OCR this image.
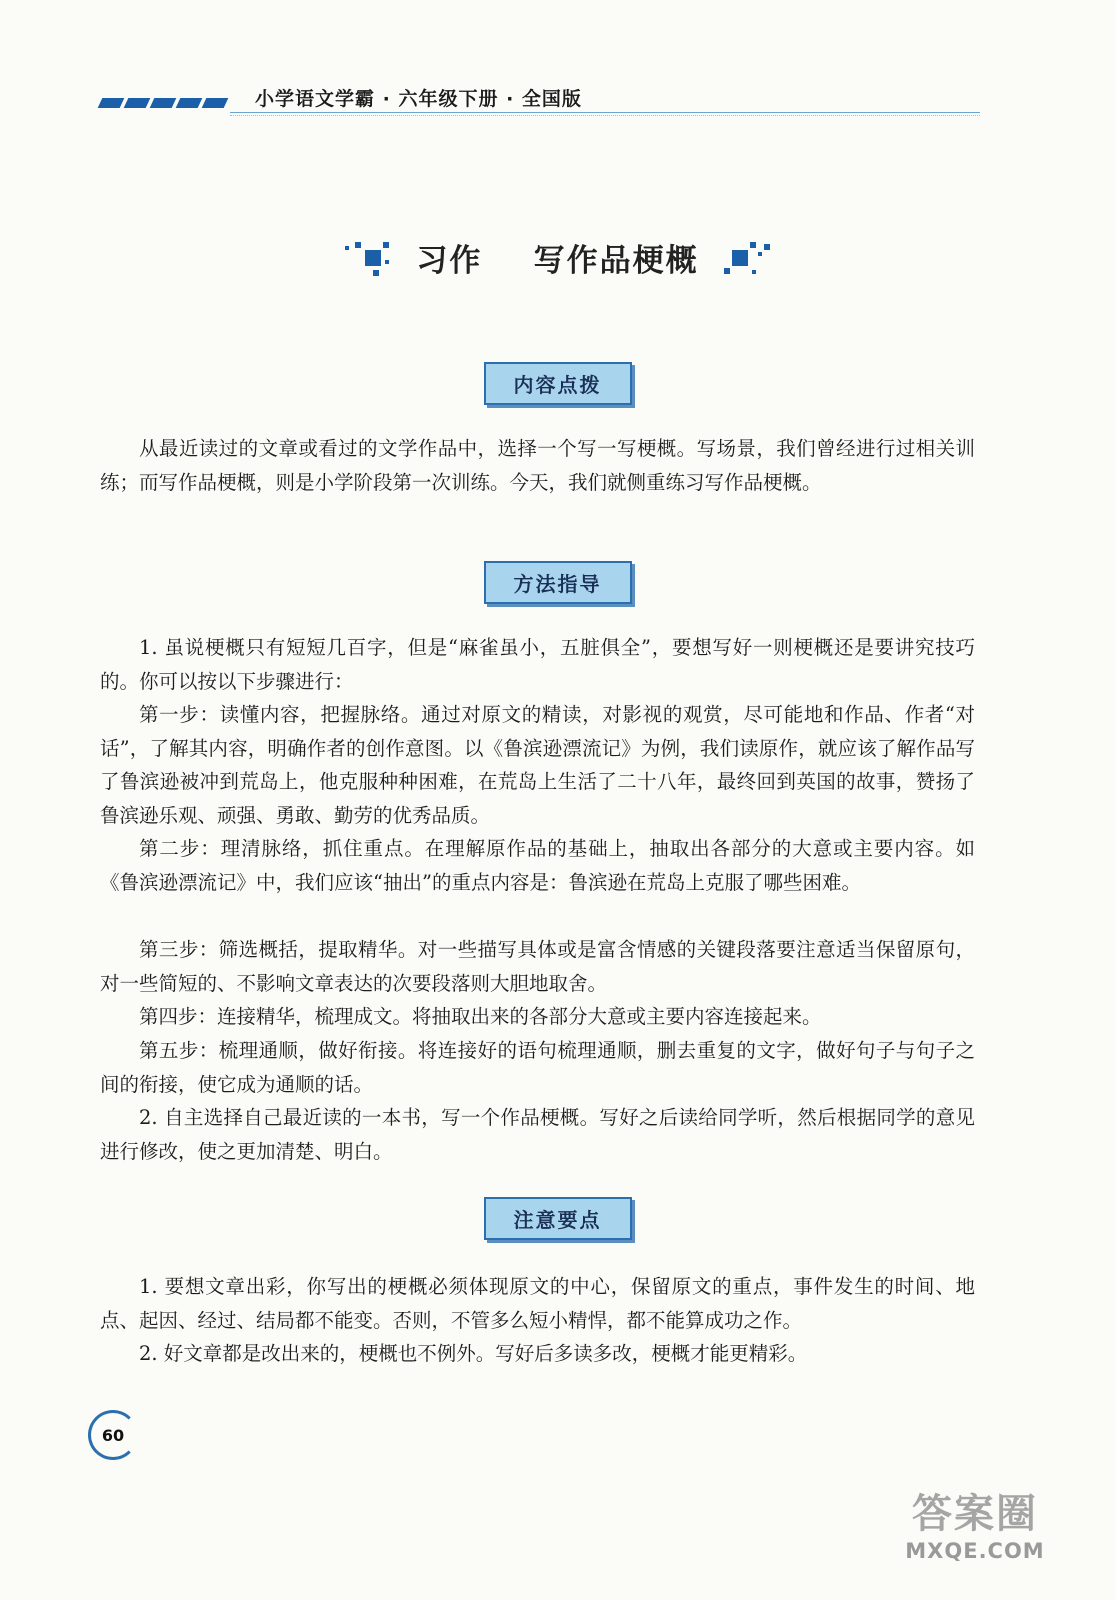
小学语文学霸 · 六年级下册 · 全国版
习作 写作品梗概
内容点拨

从最近读过的文章或看过的文学作品中，选择一个写一写梗概。写场景，我们曾经进行过相关训练；而写作品梗概，则是小学阶段第一次训练。今天，我们就侧重练习写作品梗概。

方法指导

1. 虽说梗概只有短短几百字，但是“麻雀虽小，五脏俱全”，要想写好一则梗概还是要讲究技巧的。你可以按以下步骤进行：

第一步：读懂内容，把握脉络。通过对原文的精读，对影视的观赏，尽可能地和作品、作者“对话”，了解其内容，明确作者的创作意图。以《鲁滨逊漂流记》为例，我们读原作，就应该了解作品写了鲁滨逊被冲到荒岛上，他克服种种困难，在荒岛上生活了二十八年，最终回到英国的故事，赞扬了鲁滨逊乐观、顽强、勇敢、勤劳的优秀品质。

第二步：理清脉络，抓住重点。在理解原作品的基础上，抽取出各部分的大意或主要内容。如《鲁滨逊漂流记》中，我们应该“抽出”的重点内容是：鲁滨逊在荒岛上克服了哪些困难。

第三步：筛选概括，提取精华。对一些描写具体或是富含情感的关键段落要注意适当保留原句，对一些简短的、不影响文章表达的次要段落则大胆地取舍。

第四步：连接精华，梳理成文。将抽取出来的各部分大意或主要内容连接起来。

第五步：梳理通顺，做好衔接。将连接好的语句梳理通顺，删去重复的文字，做好句子与句子之间的衔接，使它成为通顺的话。

2. 自主选择自己最近读的一本书，写一个作品梗概。写好之后读给同学听，然后根据同学的意见进行修改，使之更加清楚、明白。

注意要点

1. 要想文章出彩，你写出的梗概必须体现原文的中心，保留原文的重点，事件发生的时间、地点、起因、经过、结局都不能变。否则，不管多么短小精悍，都不能算成功之作。

2. 好文章都是改出来的，梗概也不例外。写好后多读多改，梗概才能更精彩。

60
答案圈
MXQE.COM
